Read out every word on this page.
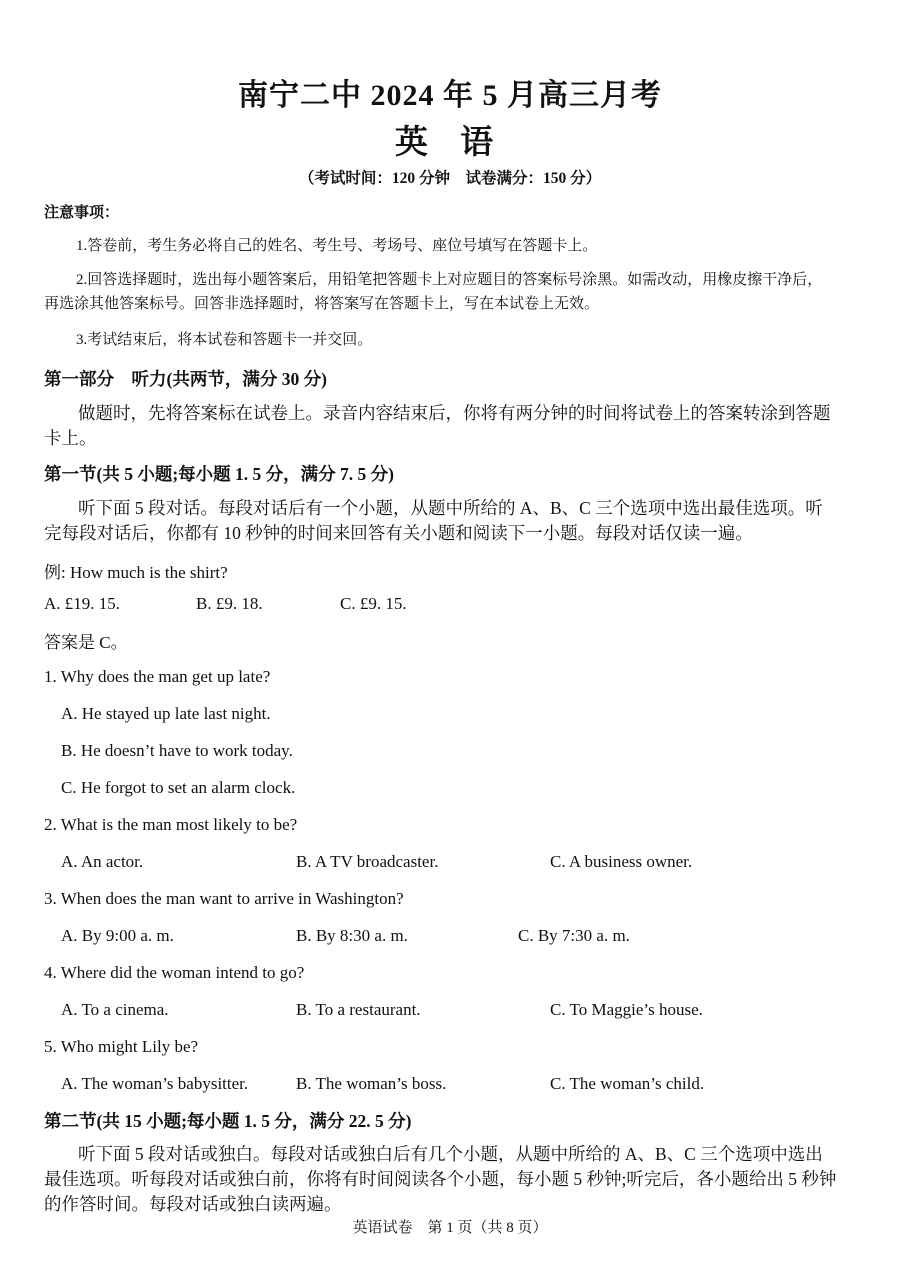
南宁二中 2024 年 5 月高三月考
英 语
（考试时间：120 分钟　试卷满分：150 分）
注意事项：
1.答卷前，考生务必将自己的姓名、考生号、考场号、座位号填写在答题卡上。
2.回答选择题时，选出每小题答案后，用铅笔把答题卡上对应题目的答案标号涂黑。如需改动，用橡皮擦干净后，
再选涂其他答案标号。回答非选择题时，将答案写在答题卡上，写在本试卷上无效。
3.考试结束后，将本试卷和答题卡一并交回。
第一部分　听力(共两节，满分 30 分)
做题时，先将答案标在试卷上。录音内容结束后，你将有两分钟的时间将试卷上的答案转涂到答题
卡上。
第一节(共 5 小题;每小题 1. 5 分，满分 7. 5 分)
听下面 5 段对话。每段对话后有一个小题，从题中所给的 A、B、C 三个选项中选出最佳选项。听
完每段对话后，你都有 10 秒钟的时间来回答有关小题和阅读下一小题。每段对话仅读一遍。
例: How much is the shirt?
A. £19. 15.	B. £9. 18.	C. £9. 15.
答案是 C。
1. Why does the man get up late?
A. He stayed up late last night.
B. He doesn’t have to work today.
C. He forgot to set an alarm clock.
2. What is the man most likely to be?
A. An actor.	B. A TV broadcaster.	C. A business owner.
3. When does the man want to arrive in Washington?
A. By 9:00 a. m.	B. By 8:30 a. m.	C. By 7:30 a. m.
4. Where did the woman intend to go?
A. To a cinema.	B. To a restaurant.	C. To Maggie’s house.
5. Who might Lily be?
A. The woman’s babysitter.	B. The woman’s boss.	C. The woman’s child.
第二节(共 15 小题;每小题 1. 5 分，满分 22. 5 分)
听下面 5 段对话或独白。每段对话或独白后有几个小题，从题中所给的 A、B、C 三个选项中选出
最佳选项。听每段对话或独白前，你将有时间阅读各个小题，每小题 5 秒钟;听完后，各小题给出 5 秒钟
的作答时间。每段对话或独白读两遍。
英语试卷　第 1 页（共 8 页）
